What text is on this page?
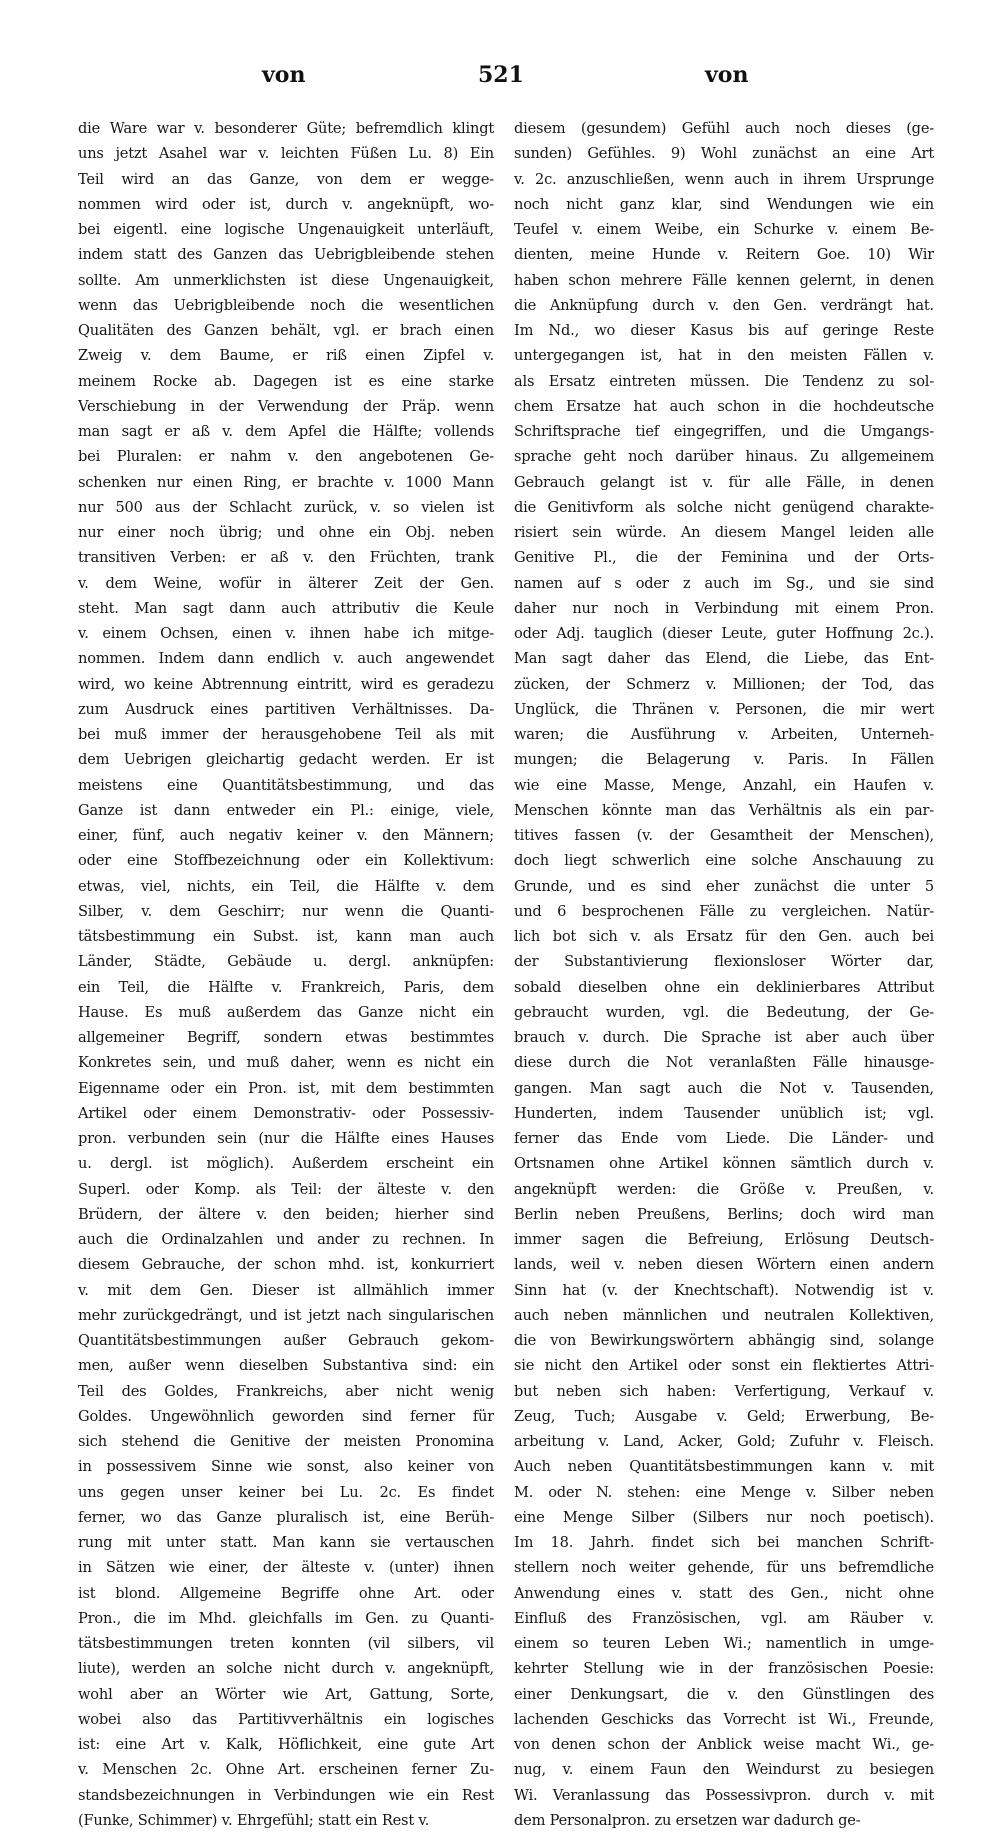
von	521	von
die Ware war v. besonderer Güte; befremdlich klingt
uns jetzt Asahel war v. leichten Füßen Lu. 8) Ein
Teil wird an das Ganze, von dem er wegge-
nommen wird oder ist, durch v. angeknüpft, wo-
bei eigentl. eine logische Ungenauigkeit unterläuft,
indem statt des Ganzen das Uebrigbleibende stehen
sollte. Am unmerklichsten ist diese Ungenauigkeit,
wenn das Uebrigbleibende noch die wesentlichen
Qualitäten des Ganzen behält, vgl. er brach einen
Zweig v. dem Baume, er riß einen Zipfel v.
meinem Rocke ab. Dagegen ist es eine starke
Verschiebung in der Verwendung der Präp. wenn
man sagt er aß v. dem Apfel die Hälfte; vollends
bei Pluralen: er nahm v. den angebotenen Ge-
schenken nur einen Ring, er brachte v. 1000 Mann
nur 500 aus der Schlacht zurück, v. so vielen ist
nur einer noch übrig; und ohne ein Obj. neben
transitiven Verben: er aß v. den Früchten, trank
v. dem Weine, wofür in älterer Zeit der Gen.
steht. Man sagt dann auch attributiv die Keule
v. einem Ochsen, einen v. ihnen habe ich mitge-
nommen. Indem dann endlich v. auch angewendet
wird, wo keine Abtrennung eintritt, wird es geradezu
zum Ausdruck eines partitiven Verhältnisses. Da-
bei muß immer der herausgehobene Teil als mit
dem Uebrigen gleichartig gedacht werden. Er ist
meistens eine Quantitätsbestimmung, und das
Ganze ist dann entweder ein Pl.: einige, viele,
einer, fünf, auch negativ keiner v. den Männern;
oder eine Stoffbezeichnung oder ein Kollektivum:
etwas, viel, nichts, ein Teil, die Hälfte v. dem
Silber, v. dem Geschirr; nur wenn die Quanti-
tätsbestimmung ein Subst. ist, kann man auch
Länder, Städte, Gebäude u. dergl. anknüpfen:
ein Teil, die Hälfte v. Frankreich, Paris, dem
Hause. Es muß außerdem das Ganze nicht ein
allgemeiner Begriff, sondern etwas bestimmtes
Konkretes sein, und muß daher, wenn es nicht ein
Eigenname oder ein Pron. ist, mit dem bestimmten
Artikel oder einem Demonstrativ- oder Possessiv-
pron. verbunden sein (nur die Hälfte eines Hauses
u. dergl. ist möglich). Außerdem erscheint ein
Superl. oder Komp. als Teil: der älteste v. den
Brüdern, der ältere v. den beiden; hierher sind
auch die Ordinalzahlen und ander zu rechnen. In
diesem Gebrauche, der schon mhd. ist, konkurriert
v. mit dem Gen. Dieser ist allmählich immer
mehr zurückgedrängt, und ist jetzt nach singularischen
Quantitätsbestimmungen außer Gebrauch gekom-
men, außer wenn dieselben Substantiva sind: ein
Teil des Goldes, Frankreichs, aber nicht wenig
Goldes. Ungewöhnlich geworden sind ferner für
sich stehend die Genitive der meisten Pronomina
in possessivem Sinne wie sonst, also keiner von
uns gegen unser keiner bei Lu. 2c. Es findet
ferner, wo das Ganze pluralisch ist, eine Berüh-
rung mit unter statt. Man kann sie vertauschen
in Sätzen wie einer, der älteste v. (unter) ihnen
ist blond. Allgemeine Begriffe ohne Art. oder
Pron., die im Mhd. gleichfalls im Gen. zu Quanti-
tätsbestimmungen treten konnten (vil silbers, vil
liute), werden an solche nicht durch v. angeknüpft,
wohl aber an Wörter wie Art, Gattung, Sorte,
wobei also das Partitivverhältnis ein logisches
ist: eine Art v. Kalk, Höflichkeit, eine gute Art
v. Menschen 2c. Ohne Art. erscheinen ferner Zu-
standsbezeichnungen in Verbindungen wie ein Rest
(Funke, Schimmer) v. Ehrgefühl; statt ein Rest v.
diesem (gesundem) Gefühl auch noch dieses (ge-
sunden) Gefühles. 9) Wohl zunächst an eine Art
v. 2c. anzuschließen, wenn auch in ihrem Ursprunge
noch nicht ganz klar, sind Wendungen wie ein
Teufel v. einem Weibe, ein Schurke v. einem Be-
dienten, meine Hunde v. Reitern Goe. 10) Wir
haben schon mehrere Fälle kennen gelernt, in denen
die Anknüpfung durch v. den Gen. verdrängt hat.
Im Nd., wo dieser Kasus bis auf geringe Reste
untergegangen ist, hat in den meisten Fällen v.
als Ersatz eintreten müssen. Die Tendenz zu sol-
chem Ersatze hat auch schon in die hochdeutsche
Schriftsprache tief eingegriffen, und die Umgangs-
sprache geht noch darüber hinaus. Zu allgemeinem
Gebrauch gelangt ist v. für alle Fälle, in denen
die Genitivform als solche nicht genügend charakte-
risiert sein würde. An diesem Mangel leiden alle
Genitive Pl., die der Feminina und der Orts-
namen auf s oder z auch im Sg., und sie sind
daher nur noch in Verbindung mit einem Pron.
oder Adj. tauglich (dieser Leute, guter Hoffnung 2c.).
Man sagt daher das Elend, die Liebe, das Ent-
zücken, der Schmerz v. Millionen; der Tod, das
Unglück, die Thränen v. Personen, die mir wert
waren; die Ausführung v. Arbeiten, Unterneh-
mungen; die Belagerung v. Paris. In Fällen
wie eine Masse, Menge, Anzahl, ein Haufen v.
Menschen könnte man das Verhältnis als ein par-
titives fassen (v. der Gesamtheit der Menschen),
doch liegt schwerlich eine solche Anschauung zu
Grunde, und es sind eher zunächst die unter 5
und 6 besprochenen Fälle zu vergleichen. Natür-
lich bot sich v. als Ersatz für den Gen. auch bei
der Substantivierung flexionsloser Wörter dar,
sobald dieselben ohne ein deklinierbares Attribut
gebraucht wurden, vgl. die Bedeutung, der Ge-
brauch v. durch. Die Sprache ist aber auch über
diese durch die Not veranlaßten Fälle hinausge-
gangen. Man sagt auch die Not v. Tausenden,
Hunderten, indem Tausender unüblich ist; vgl.
ferner das Ende vom Liede. Die Länder- und
Ortsnamen ohne Artikel können sämtlich durch v.
angeknüpft werden: die Größe v. Preußen, v.
Berlin neben Preußens, Berlins; doch wird man
immer sagen die Befreiung, Erlösung Deutsch-
lands, weil v. neben diesen Wörtern einen andern
Sinn hat (v. der Knechtschaft). Notwendig ist v.
auch neben männlichen und neutralen Kollektiven,
die von Bewirkungswörtern abhängig sind, solange
sie nicht den Artikel oder sonst ein flektiertes Attri-
but neben sich haben: Verfertigung, Verkauf v.
Zeug, Tuch; Ausgabe v. Geld; Erwerbung, Be-
arbeitung v. Land, Acker, Gold; Zufuhr v. Fleisch.
Auch neben Quantitätsbestimmungen kann v. mit
M. oder N. stehen: eine Menge v. Silber neben
eine Menge Silber (Silbers nur noch poetisch).
Im 18. Jahrh. findet sich bei manchen Schrift-
stellern noch weiter gehende, für uns befremdliche
Anwendung eines v. statt des Gen., nicht ohne
Einfluß des Französischen, vgl. am Räuber v.
einem so teuren Leben Wi.; namentlich in umge-
kehrter Stellung wie in der französischen Poesie:
einer Denkungsart, die v. den Günstlingen des
lachenden Geschicks das Vorrecht ist Wi., Freunde,
von denen schon der Anblick weise macht Wi., ge-
nug, v. einem Faun den Weindurst zu besiegen
Wi. Veranlassung das Possessivpron. durch v. mit
dem Personalpron. zu ersetzen war dadurch ge-
